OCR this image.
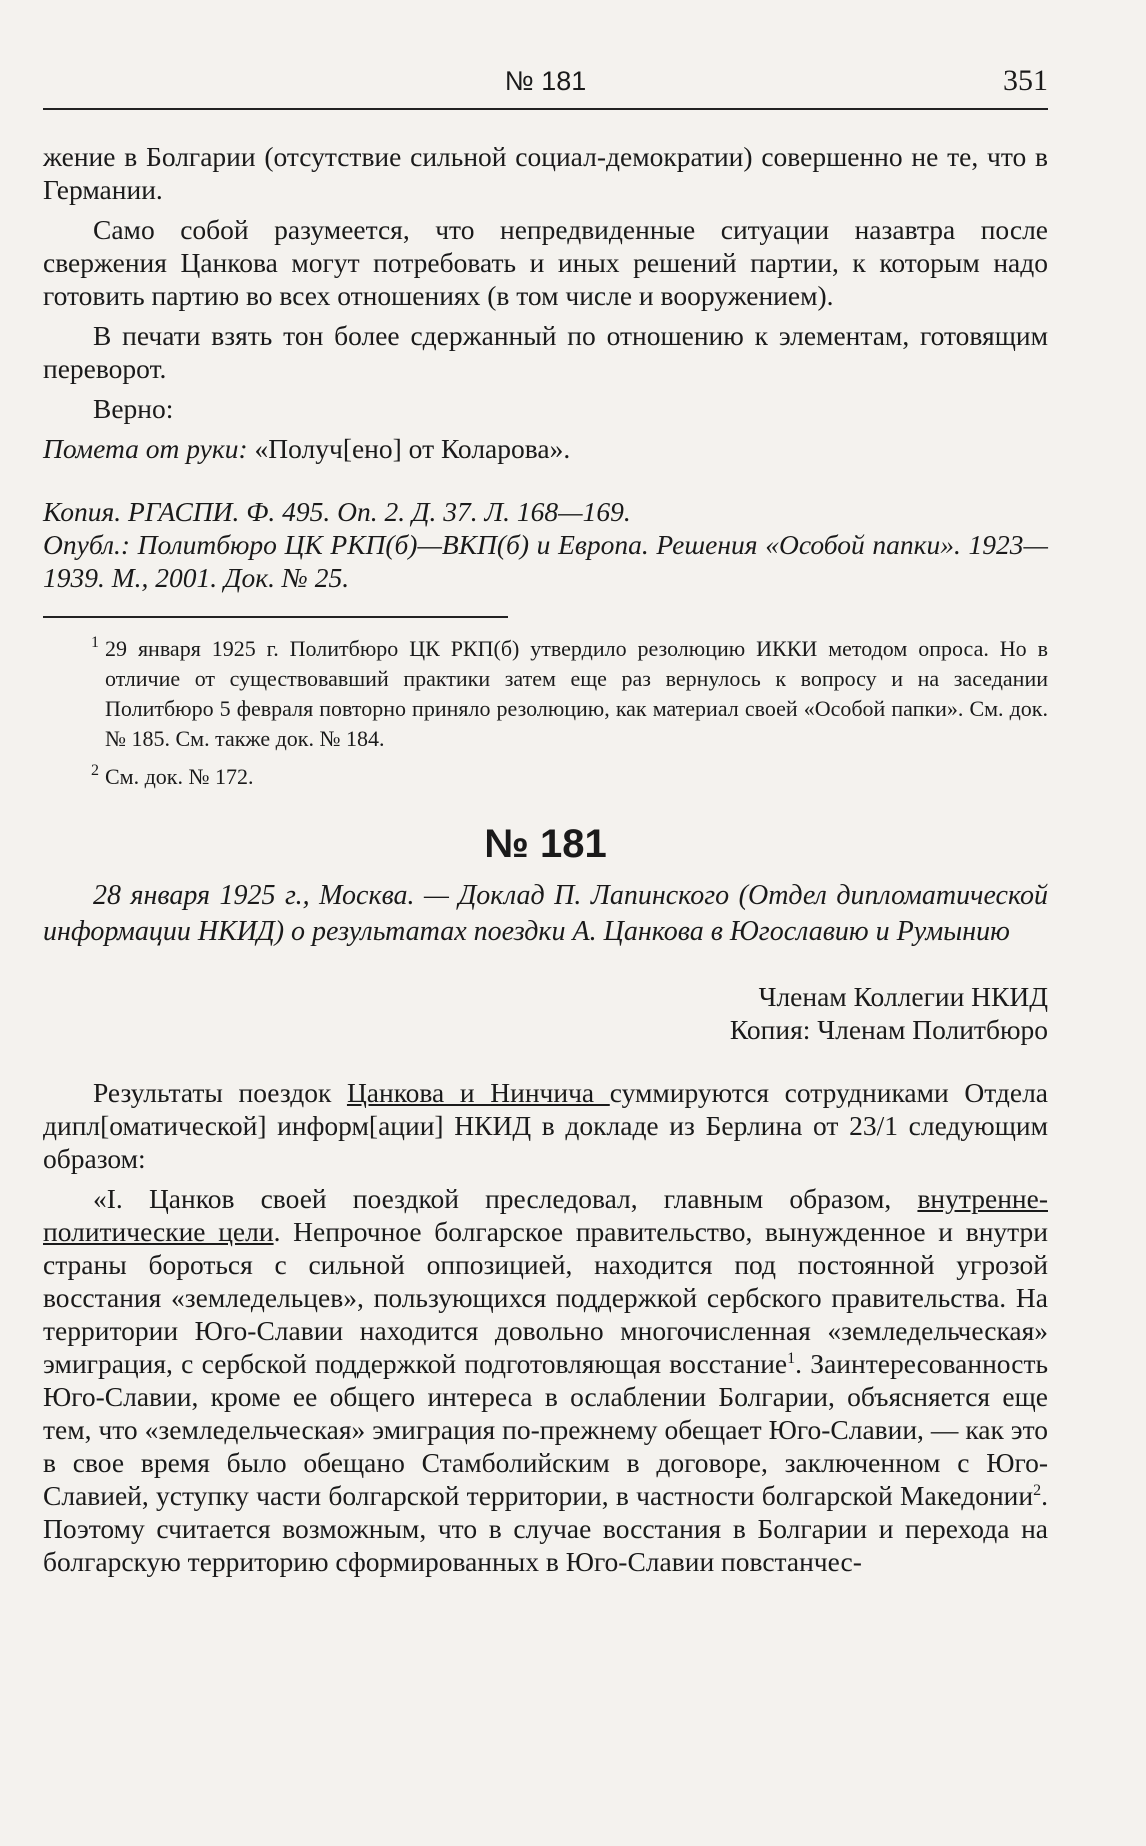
№ 181	351

жение в Болгарии (отсутствие сильной социал-демократии) совершенно не те, что в Германии.

Само собой разумеется, что непредвиденные ситуации назавтра после свержения Цанкова могут потребовать и иных решений партии, к которым надо готовить партию во всех отношениях (в том числе и вооружением).

В печати взять тон более сдержанный по отношению к элементам, готовящим переворот.

Верно:

Помета от руки: «Получ[ено] от Коларова».

Копия. РГАСПИ. Ф. 495. Оп. 2. Д. 37. Л. 168—169.

Опубл.: Политбюро ЦК РКП(б)—ВКП(б) и Европа. Решения «Особой папки». 1923—1939. М., 2001. Док. № 25.

1 29 января 1925 г. Политбюро ЦК РКП(б) утвердило резолюцию ИККИ методом опроса. Но в отличие от существовавший практики затем еще раз вернулось к вопросу и на заседании Политбюро 5 февраля повторно приняло резолюцию, как материал своей «Особой папки». См. док. № 185. См. также док. № 184.
2 См. док. № 172.
№ 181

28 января 1925 г., Москва. — Доклад П. Лапинского (Отдел дипломатической информации НКИД) о результатах поездки А. Цанкова в Югославию и Румынию

Членам Коллегии НКИД

Копия: Членам Политбюро

Результаты поездок Цанкова и Нинчича суммируются сотрудниками Отдела дипл[оматической] информ[ации] НКИД в докладе из Берлина от 23/1 следующим образом:

«I. Цанков своей поездкой преследовал, главным образом, внутренне-политические цели. Непрочное болгарское правительство, вынужденное и внутри страны бороться с сильной оппозицией, находится под постоянной угрозой восстания «земледельцев», пользующихся поддержкой сербского правительства. На территории Юго-Славии находится довольно многочисленная «земледельческая» эмиграция, с сербской поддержкой подготовляющая восстание$^1$. Заинтересованность Юго-Славии, кроме ее общего интереса в ослаблении Болгарии, объясняется еще тем, что «земледельческая» эмиграция по-прежнему обещает Юго-Славии, — как это в свое время было обещано Стамболийским в договоре, заключенном с Юго-Славией, уступку части болгарской территории, в частности болгарской Македонии$^2$. Поэтому считается возможным, что в случае восстания в Болгарии и перехода на болгарскую территорию сформированных в Юго-Славии повстанчес-
